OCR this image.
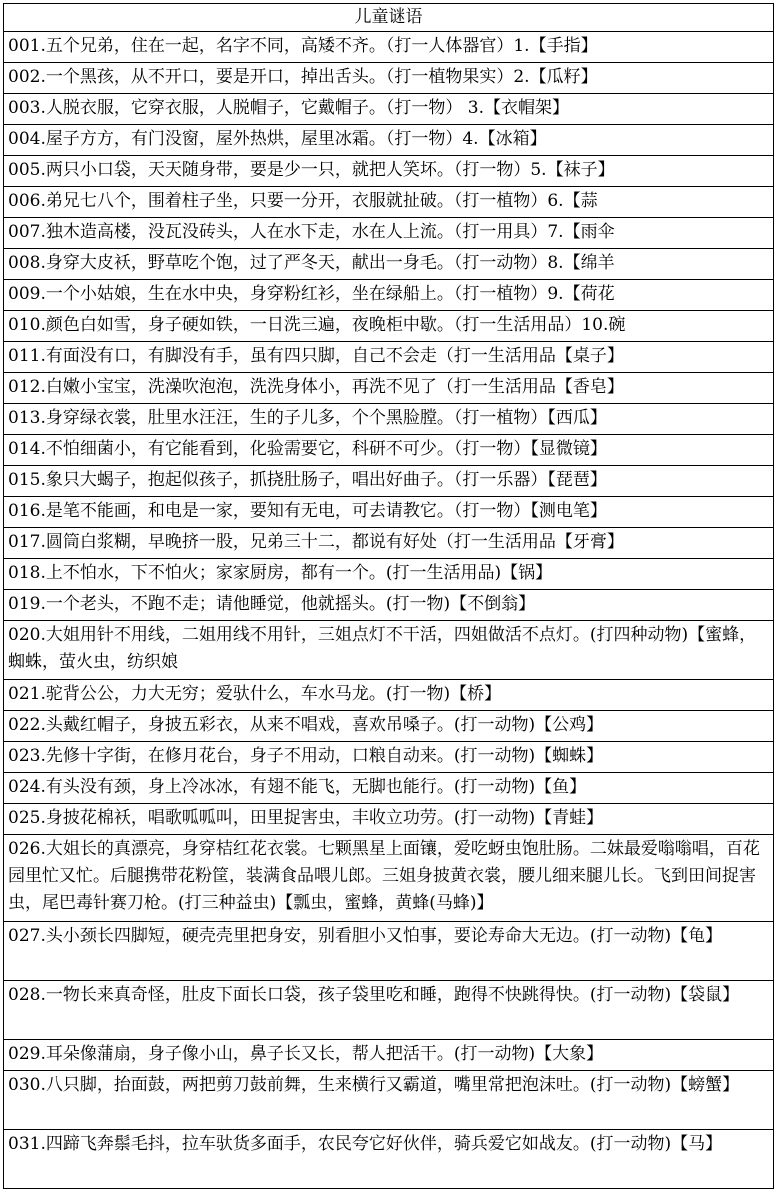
儿童谜语
001.五个兄弟，住在一起，名字不同，高矮不齐。（打一人体器官）1.【手指】
002.一个黑孩，从不开口，要是开口，掉出舌头。（打一植物果实）2.【瓜籽】
003.人脱衣服，它穿衣服，人脱帽子，它戴帽子。（打一物） 3.【衣帽架】
004.屋子方方，有门没窗，屋外热烘，屋里冰霜。（打一物）4.【冰箱】
005.两只小口袋，天天随身带，要是少一只，就把人笑坏。（打一物）5.【袜子】
006.弟兄七八个，围着柱子坐，只要一分开，衣服就扯破。（打一植物）6.【蒜
007.独木造高楼，没瓦没砖头，人在水下走，水在人上流。（打一用具）7.【雨伞
008.身穿大皮袄，野草吃个饱，过了严冬天，献出一身毛。（打一动物）8.【绵羊
009.一个小姑娘，生在水中央，身穿粉红衫，坐在绿船上。（打一植物）9.【荷花
010.颜色白如雪，身子硬如铁，一日洗三遍，夜晚柜中歇。（打一生活用品）10.碗
011.有面没有口，有脚没有手，虽有四只脚，自己不会走（打一生活用品【桌子】
012.白嫩小宝宝，洗澡吹泡泡，洗洗身体小，再洗不见了（打一生活用品【香皂】
013.身穿绿衣裳，肚里水汪汪，生的子儿多，个个黑脸膛。（打一植物）【西瓜】
014.不怕细菌小，有它能看到，化验需要它，科研不可少。（打一物）【显微镜】
015.象只大蝎子，抱起似孩子，抓挠肚肠子，唱出好曲子。（打一乐器）【琵琶】
016.是笔不能画，和电是一家，要知有无电，可去请教它。（打一物）【测电笔】
017.圆筒白浆糊，早晚挤一股，兄弟三十二，都说有好处（打一生活用品【牙膏】
018.上不怕水，下不怕火；家家厨房，都有一个。(打一生活用品)【锅】
019.一个老头，不跑不走；请他睡觉，他就摇头。(打一物)【不倒翁】
020.大姐用针不用线，二姐用线不用针，三姐点灯不干活，四姐做活不点灯。(打四种动物)【蜜蜂，蜘蛛，萤火虫，纺织娘
021.驼背公公，力大无穷；爱驮什么，车水马龙。(打一物)【桥】
022.头戴红帽子，身披五彩衣，从来不唱戏，喜欢吊嗓子。(打一动物)【公鸡】
023.先修十字街，在修月花台，身子不用动，口粮自动来。(打一动物)【蜘蛛】
024.有头没有颈，身上冷冰冰，有翅不能飞，无脚也能行。(打一动物)【鱼】
025.身披花棉袄，唱歌呱呱叫，田里捉害虫，丰收立功劳。(打一动物)【青蛙】
026.大姐长的真漂亮，身穿桔红花衣裳。七颗黑星上面镶，爱吃蚜虫饱肚肠。二妹最爱嗡嗡唱，百花园里忙又忙。后腿携带花粉筐，装满食品喂儿郎。三姐身披黄衣裳，腰儿细来腿儿长。飞到田间捉害虫，尾巴毒针赛刀枪。(打三种益虫)【瓢虫，蜜蜂，黄蜂(马蜂)】
027.头小颈长四脚短，硬壳壳里把身安，别看胆小又怕事，要论寿命大无边。(打一动物)【龟】
028.一物长来真奇怪，肚皮下面长口袋，孩子袋里吃和睡，跑得不快跳得快。(打一动物)【袋鼠】
029.耳朵像蒲扇，身子像小山，鼻子长又长，帮人把活干。(打一动物)【大象】
030.八只脚，抬面鼓，两把剪刀鼓前舞，生来横行又霸道，嘴里常把泡沫吐。(打一动物)【螃蟹】
031.四蹄飞奔鬃毛抖，拉车驮货多面手，农民夸它好伙伴，骑兵爱它如战友。(打一动物)【马】
